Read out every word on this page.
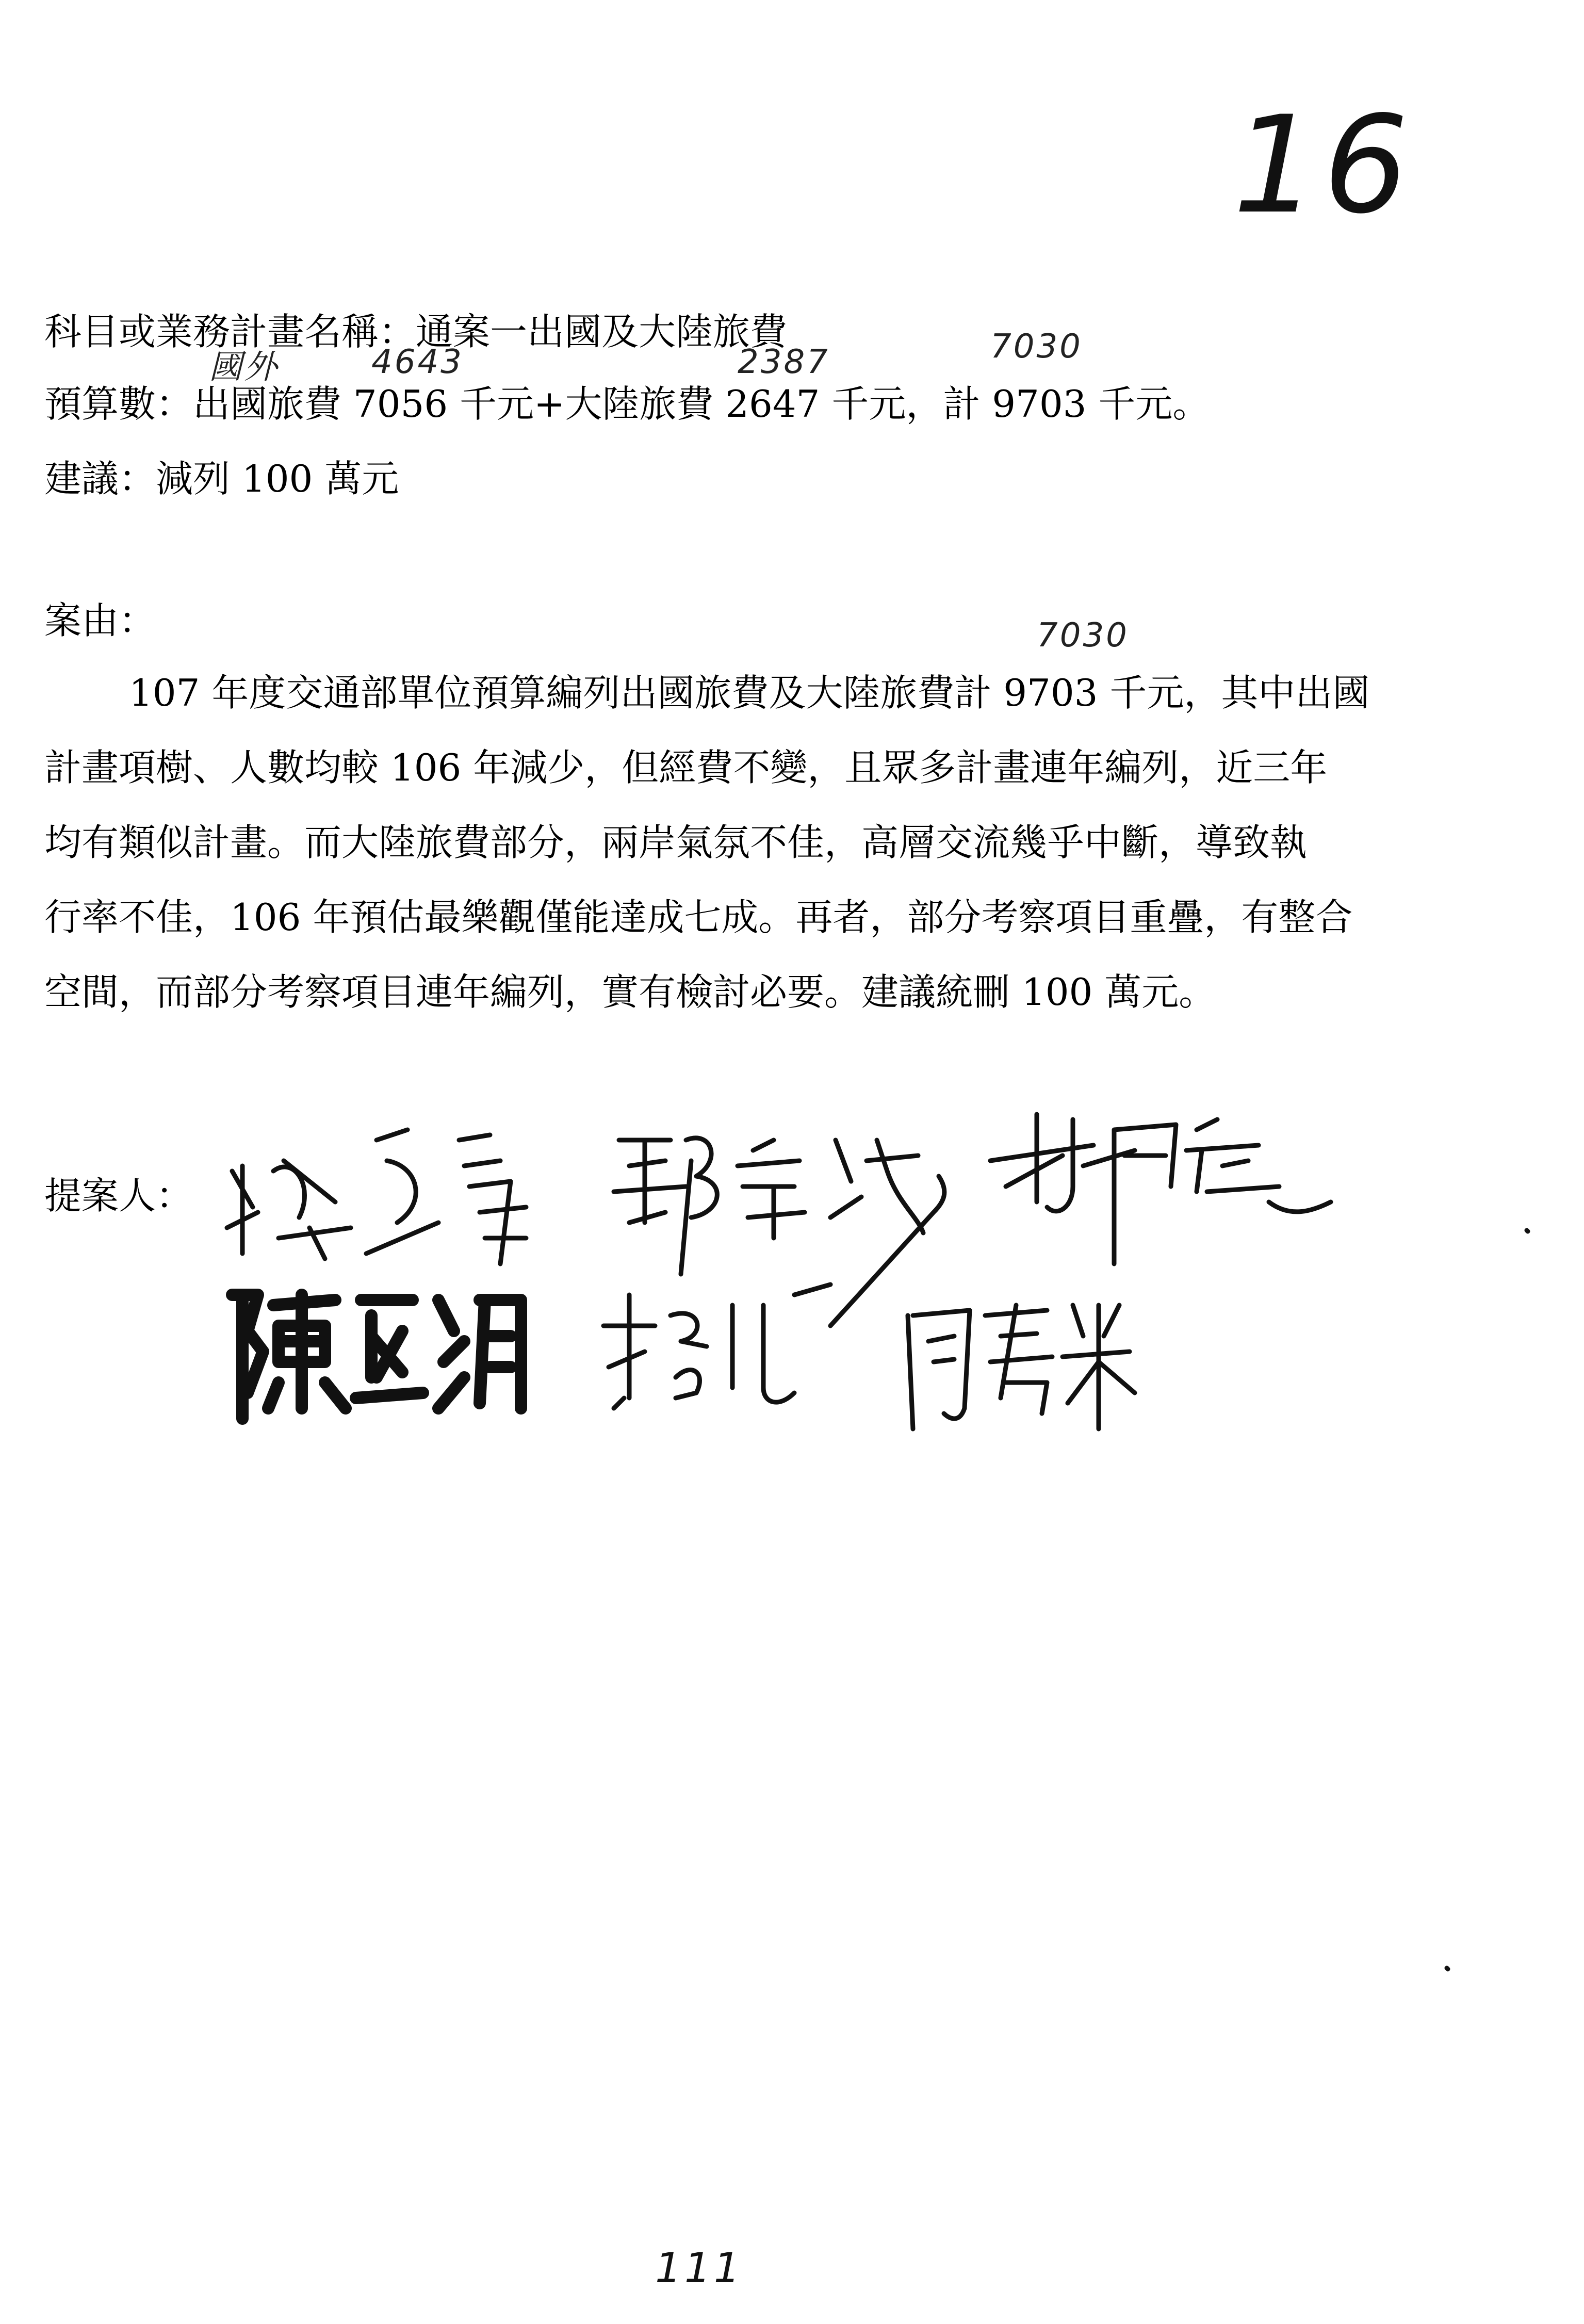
16
科目或業務計畫名稱：通案一出國及大陸旅費
國外	4643	2387	7030
預算數：出國旅費 7056 千元+大陸旅費 2647 千元，計 9703 千元。
建議：減列 100 萬元
案由：	7030
107 年度交通部單位預算編列出國旅費及大陸旅費計 9703 千元，其中出國
計畫項樹、人數均較 106 年減少，但經費不變，且眾多計畫連年編列，近三年
均有類似計畫。而大陸旅費部分，兩岸氣氛不佳，高層交流幾乎中斷，導致執
行率不佳，106 年預估最樂觀僅能達成七成。再者，部分考察項目重疊，有整合
空間，而部分考察項目連年編列，實有檢討必要。建議統刪 100 萬元。
提案人：
111
